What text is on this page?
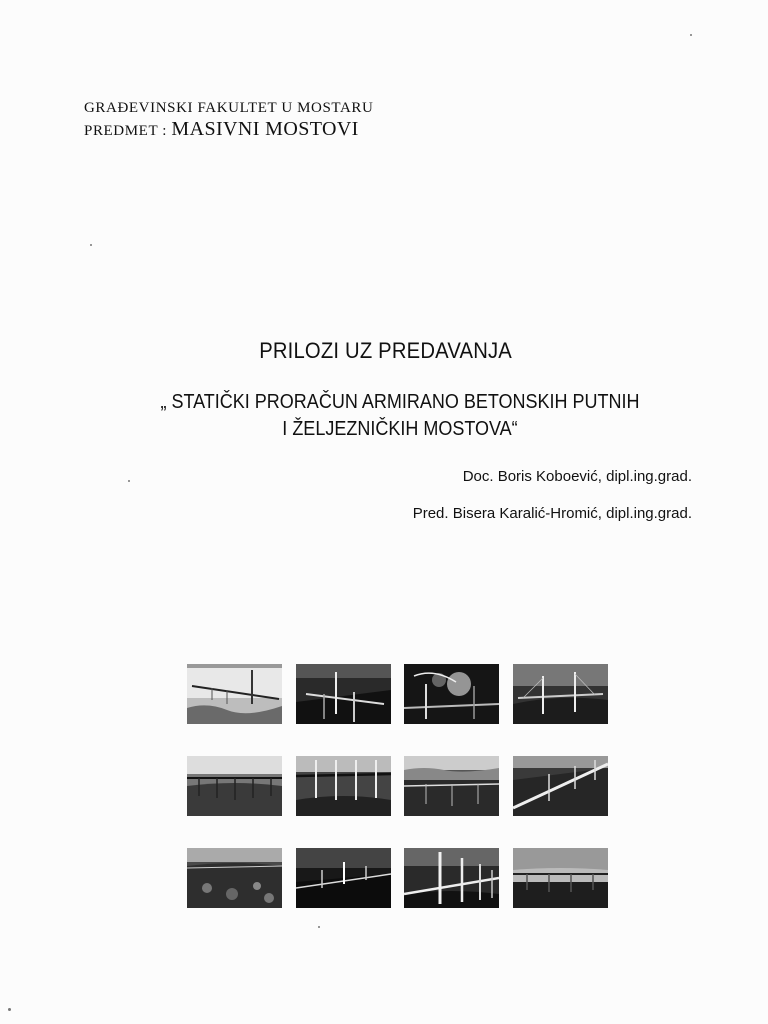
GRAĐEVINSKI FAKULTET U MOSTARU
PREDMET : MASIVNI MOSTOVI
PRILOZI UZ PREDAVANJA
„ STATIČKI PRORAČUN ARMIRANO BETONSKIH PUTNIH
I ŽELJEZNIČKIH MOSTOVA“
Doc. Boris Koboević, dipl.ing.grad.
Pred. Bisera Karalić-Hromić, dipl.ing.grad.
